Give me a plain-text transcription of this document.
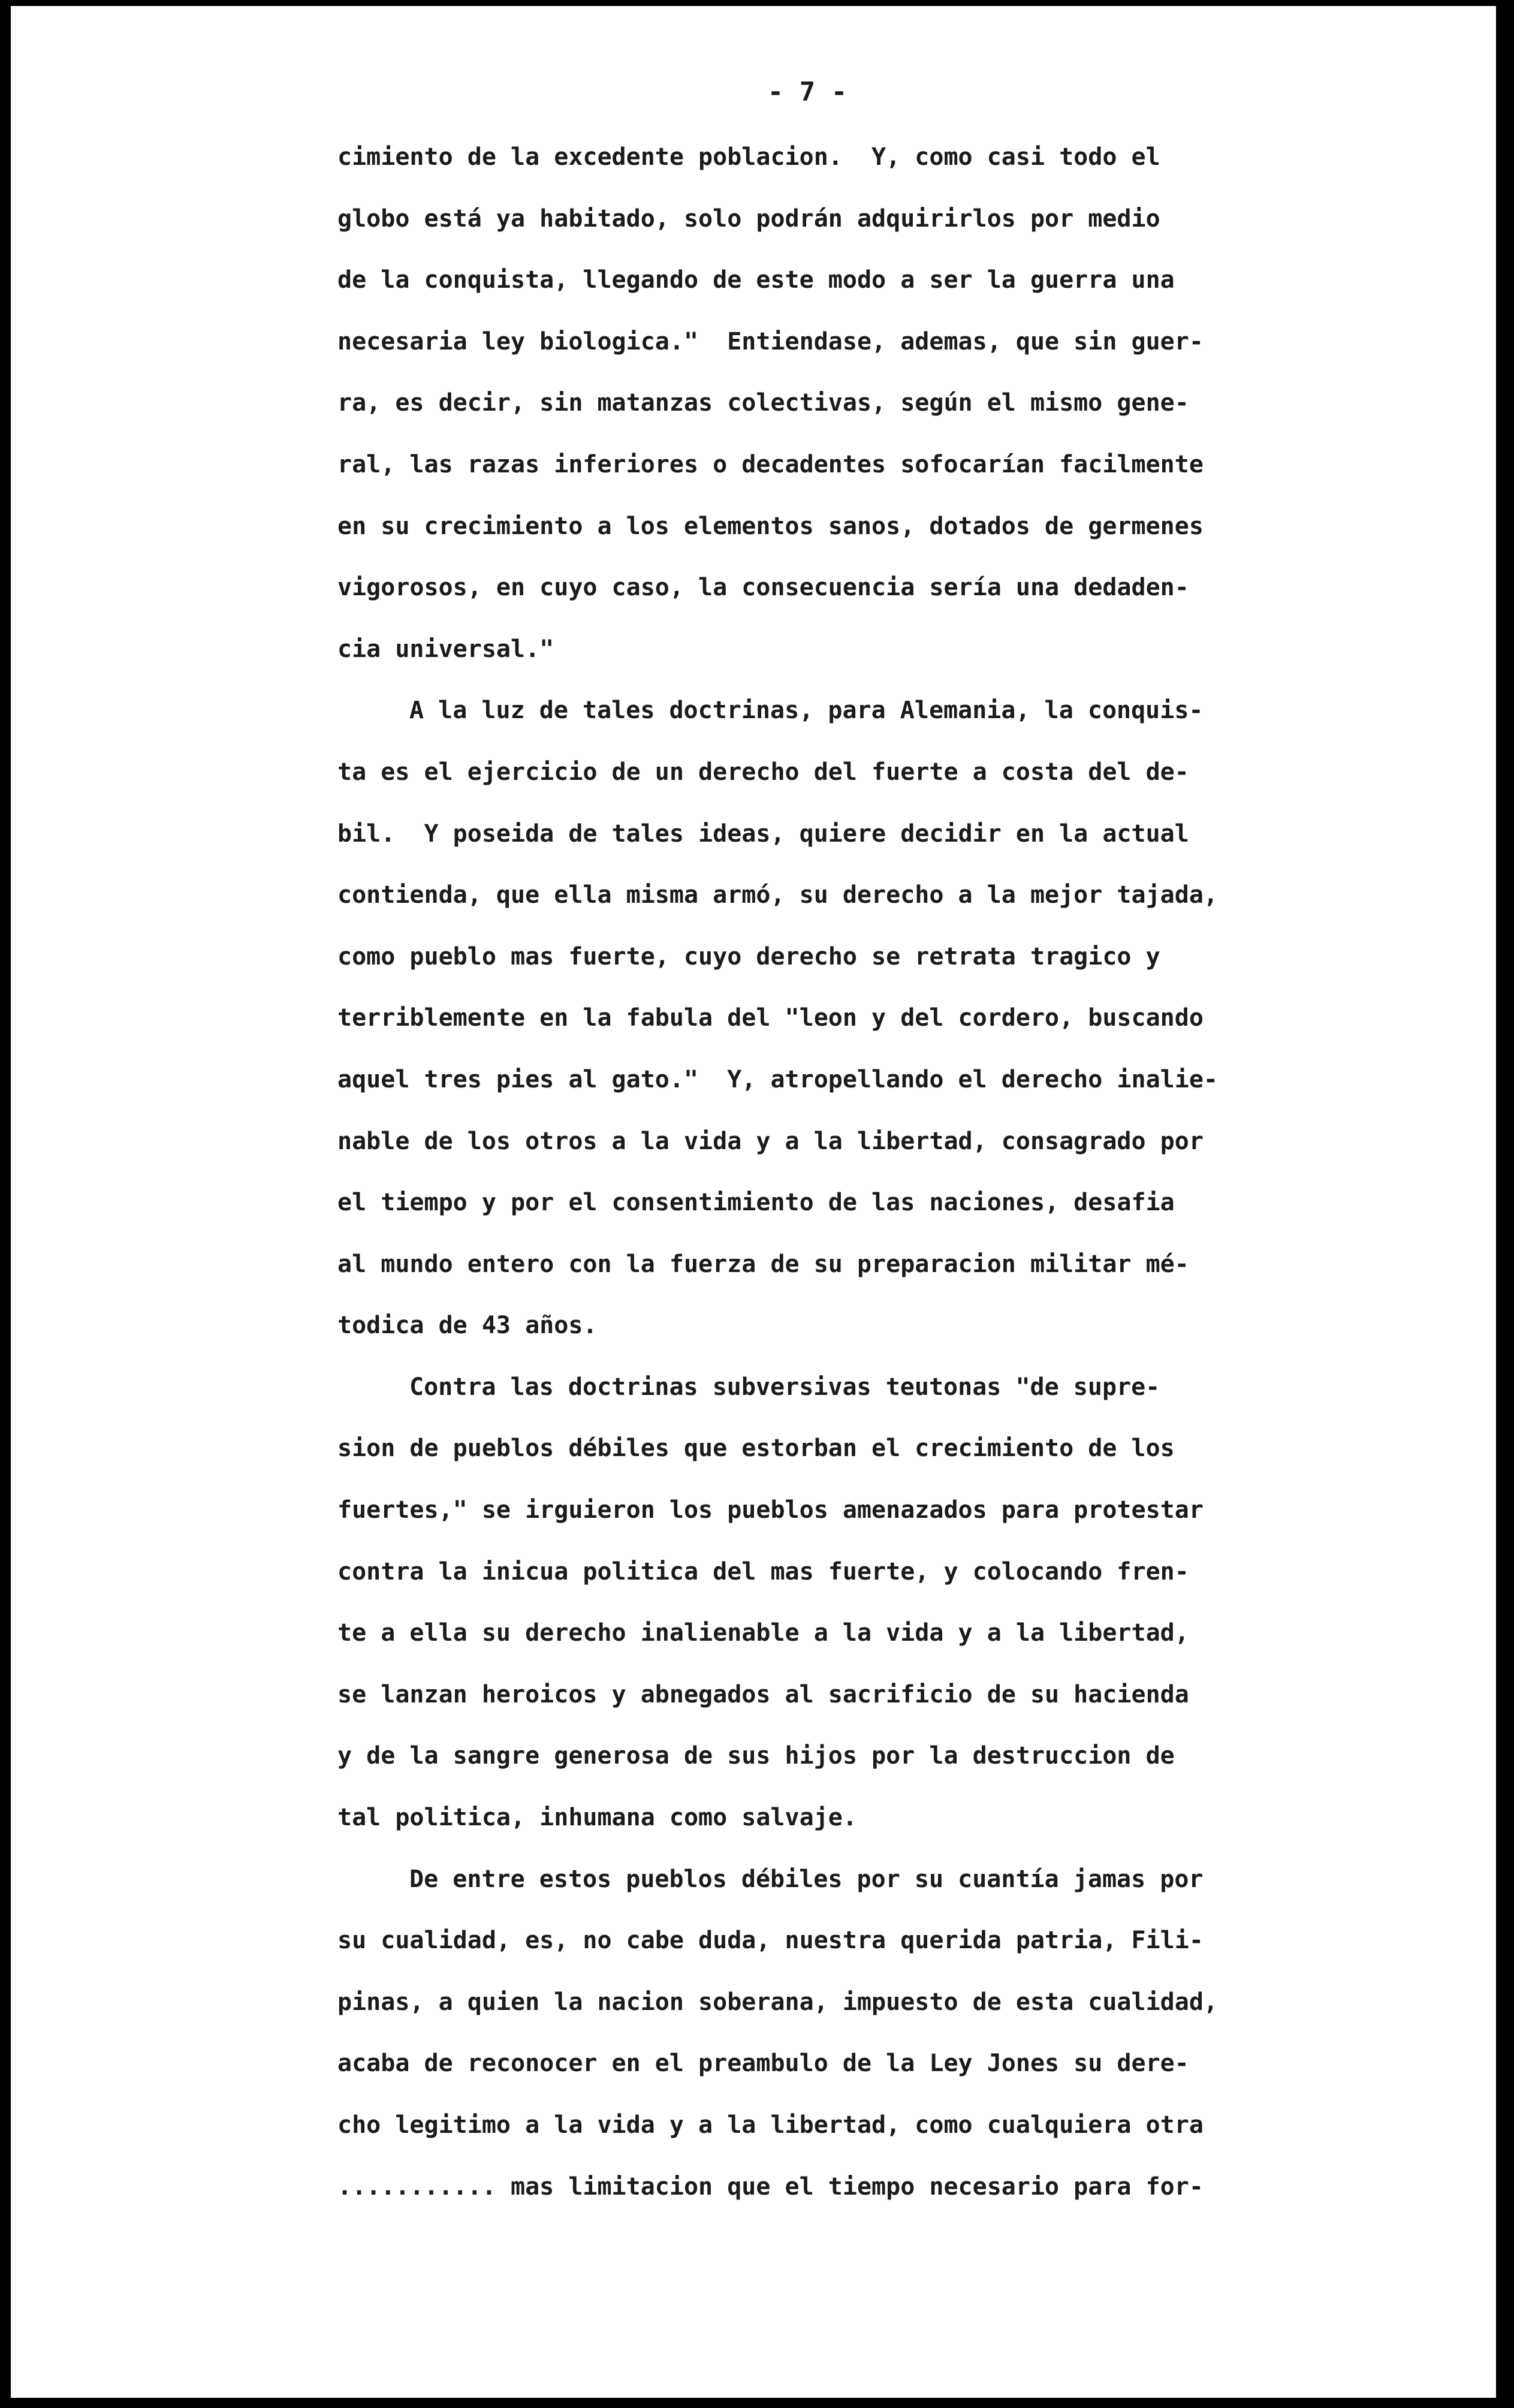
- 7 -
cimiento de la excedente poblacion.  Y, como casi todo el
globo está ya habitado, solo podrán adquirirlos por medio
de la conquista, llegando de este modo a ser la guerra una
necesaria ley biologica."  Entiendase, ademas, que sin guer-
ra, es decir, sin matanzas colectivas, según el mismo gene-
ral, las razas inferiores o decadentes sofocarían facilmente
en su crecimiento a los elementos sanos, dotados de germenes
vigorosos, en cuyo caso, la consecuencia sería una dedaden-
cia universal."
A la luz de tales doctrinas, para Alemania, la conquis-
ta es el ejercicio de un derecho del fuerte a costa del de-
bil.  Y poseida de tales ideas, quiere decidir en la actual
contienda, que ella misma armó, su derecho a la mejor tajada,
como pueblo mas fuerte, cuyo derecho se retrata tragico y
terriblemente en la fabula del "leon y del cordero, buscando
aquel tres pies al gato."  Y, atropellando el derecho inalie-
nable de los otros a la vida y a la libertad, consagrado por
el tiempo y por el consentimiento de las naciones, desafia
al mundo entero con la fuerza de su preparacion militar mé-
todica de 43 años.
Contra las doctrinas subversivas teutonas "de supre-
sion de pueblos débiles que estorban el crecimiento de los
fuertes," se irguieron los pueblos amenazados para protestar
contra la inicua politica del mas fuerte, y colocando fren-
te a ella su derecho inalienable a la vida y a la libertad,
se lanzan heroicos y abnegados al sacrificio de su hacienda
y de la sangre generosa de sus hijos por la destruccion de
tal politica, inhumana como salvaje.
De entre estos pueblos débiles por su cuantía jamas por
su cualidad, es, no cabe duda, nuestra querida patria, Fili-
pinas, a quien la nacion soberana, impuesto de esta cualidad,
acaba de reconocer en el preambulo de la Ley Jones su dere-
cho legitimo a la vida y a la libertad, como cualquiera otra
........... mas limitacion que el tiempo necesario para for-
